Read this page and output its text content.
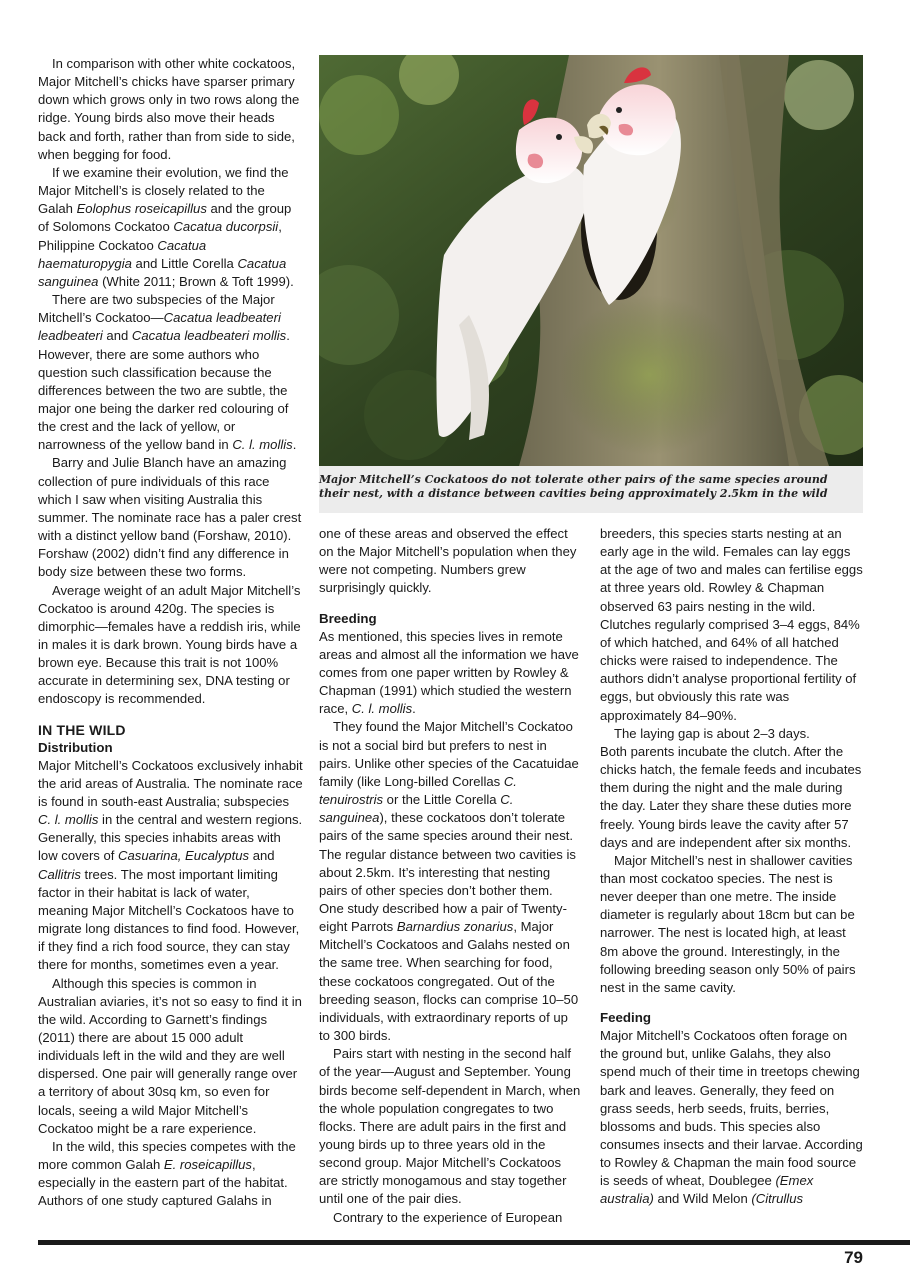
Major Mitchell’s Cockatoos do not tolerate other pairs of the same species around their nest, with a distance between cavities being approximately 2.5km in the wild

In comparison with other white cockatoos, Major Mitchell’s chicks have sparser primary down which grows only in two rows along the ridge. Young birds also move their heads back and forth, rather than from side to side, when begging for food.

If we examine their evolution, we find the Major Mitchell’s is closely related to the Galah Eolophus roseicapillus and the group of Solomons Cockatoo Cacatua ducorpsii, Philippine Cockatoo Cacatua haematuropygia and Little Corella Cacatua sanguinea (White 2011; Brown & Toft 1999).

There are two subspecies of the Major Mitchell’s Cockatoo—Cacatua leadbeateri leadbeateri and Cacatua leadbeateri mollis. However, there are some authors who question such classification because the differences between the two are subtle, the major one being the darker red colouring of the crest and the lack of yellow, or narrowness of the yellow band in C. l. mollis.

Barry and Julie Blanch have an amazing collection of pure individuals of this race which I saw when visiting Australia this summer. The nominate race has a paler crest with a distinct yellow band (Forshaw, 2010). Forshaw (2002) didn’t find any difference in body size between these two forms.

Average weight of an adult Major Mitchell’s Cockatoo is around 420g. The species is dimorphic—females have a reddish iris, while in males it is dark brown. Young birds have a brown eye. Because this trait is not 100% accurate in determining sex, DNA testing or endoscopy is recommended.

IN THE WILD
Distribution

Major Mitchell’s Cockatoos exclusively inhabit the arid areas of Australia. The nominate race is found in south-east Australia; subspecies C. l. mollis in the central and western regions. Generally, this species inhabits areas with low covers of Casuarina, Eucalyptus and Callitris trees. The most important limiting factor in their habitat is lack of water, meaning Major Mitchell’s Cockatoos have to migrate long distances to find food. However, if they find a rich food source, they can stay there for months, sometimes even a year.

Although this species is common in Australian aviaries, it’s not so easy to find it in the wild. According to Garnett’s findings (2011) there are about 15 000 adult individuals left in the wild and they are well dispersed. One pair will generally range over a territory of about 30sq km, so even for locals, seeing a wild Major Mitchell’s Cockatoo might be a rare experience.

In the wild, this species competes with the more common Galah E. roseicapillus, especially in the eastern part of the habitat. Authors of one study captured Galahs in

one of these areas and observed the effect on the Major Mitchell’s population when they were not competing. Numbers grew surprisingly quickly.

Breeding

As mentioned, this species lives in remote areas and almost all the information we have comes from one paper written by Rowley & Chapman (1991) which studied the western race, C. l. mollis.

They found the Major Mitchell’s Cockatoo is not a social bird but prefers to nest in pairs. Unlike other species of the Cacatuidae family (like Long-billed Corellas C. tenuirostris or the Little Corella C. sanguinea), these cockatoos don’t tolerate pairs of the same species around their nest. The regular distance between two cavities is about 2.5km. It’s interesting that nesting pairs of other species don’t bother them. One study described how a pair of Twenty-eight Parrots Barnardius zonarius, Major Mitchell’s Cockatoos and Galahs nested on the same tree. When searching for food, these cockatoos congregated. Out of the breeding season, flocks can comprise 10–50 individuals, with extraordinary reports of up to 300 birds.

Pairs start with nesting in the second half of the year—August and September. Young birds become self-dependent in March, when the whole population congregates to two flocks. There are adult pairs in the first and young birds up to three years old in the second group. Major Mitchell’s Cockatoos are strictly monogamous and stay together until one of the pair dies.

Contrary to the experience of European

breeders, this species starts nesting at an early age in the wild. Females can lay eggs at the age of two and males can fertilise eggs at three years old. Rowley & Chapman observed 63 pairs nesting in the wild. Clutches regularly comprised 3–4 eggs, 84% of which hatched, and 64% of all hatched chicks were raised to independence. The authors didn’t analyse proportional fertility of eggs, but obviously this rate was approximately 84–90%.

The laying gap is about 2–3 days.

Both parents incubate the clutch. After the chicks hatch, the female feeds and incubates them during the night and the male during the day. Later they share these duties more freely. Young birds leave the cavity after 57 days and are independent after six months.

Major Mitchell’s nest in shallower cavities than most cockatoo species. The nest is never deeper than one metre. The inside diameter is regularly about 18cm but can be narrower. The nest is located high, at least 8m above the ground. Interestingly, in the following breeding season only 50% of pairs nest in the same cavity.

Feeding

Major Mitchell’s Cockatoos often forage on the ground but, unlike Galahs, they also spend much of their time in treetops chewing bark and leaves. Generally, they feed on grass seeds, herb seeds, fruits, berries, blossoms and buds. This species also consumes insects and their larvae. According to Rowley & Chapman the main food source is seeds of wheat, Doublegee (Emex australia) and Wild Melon (Citrullus

79
